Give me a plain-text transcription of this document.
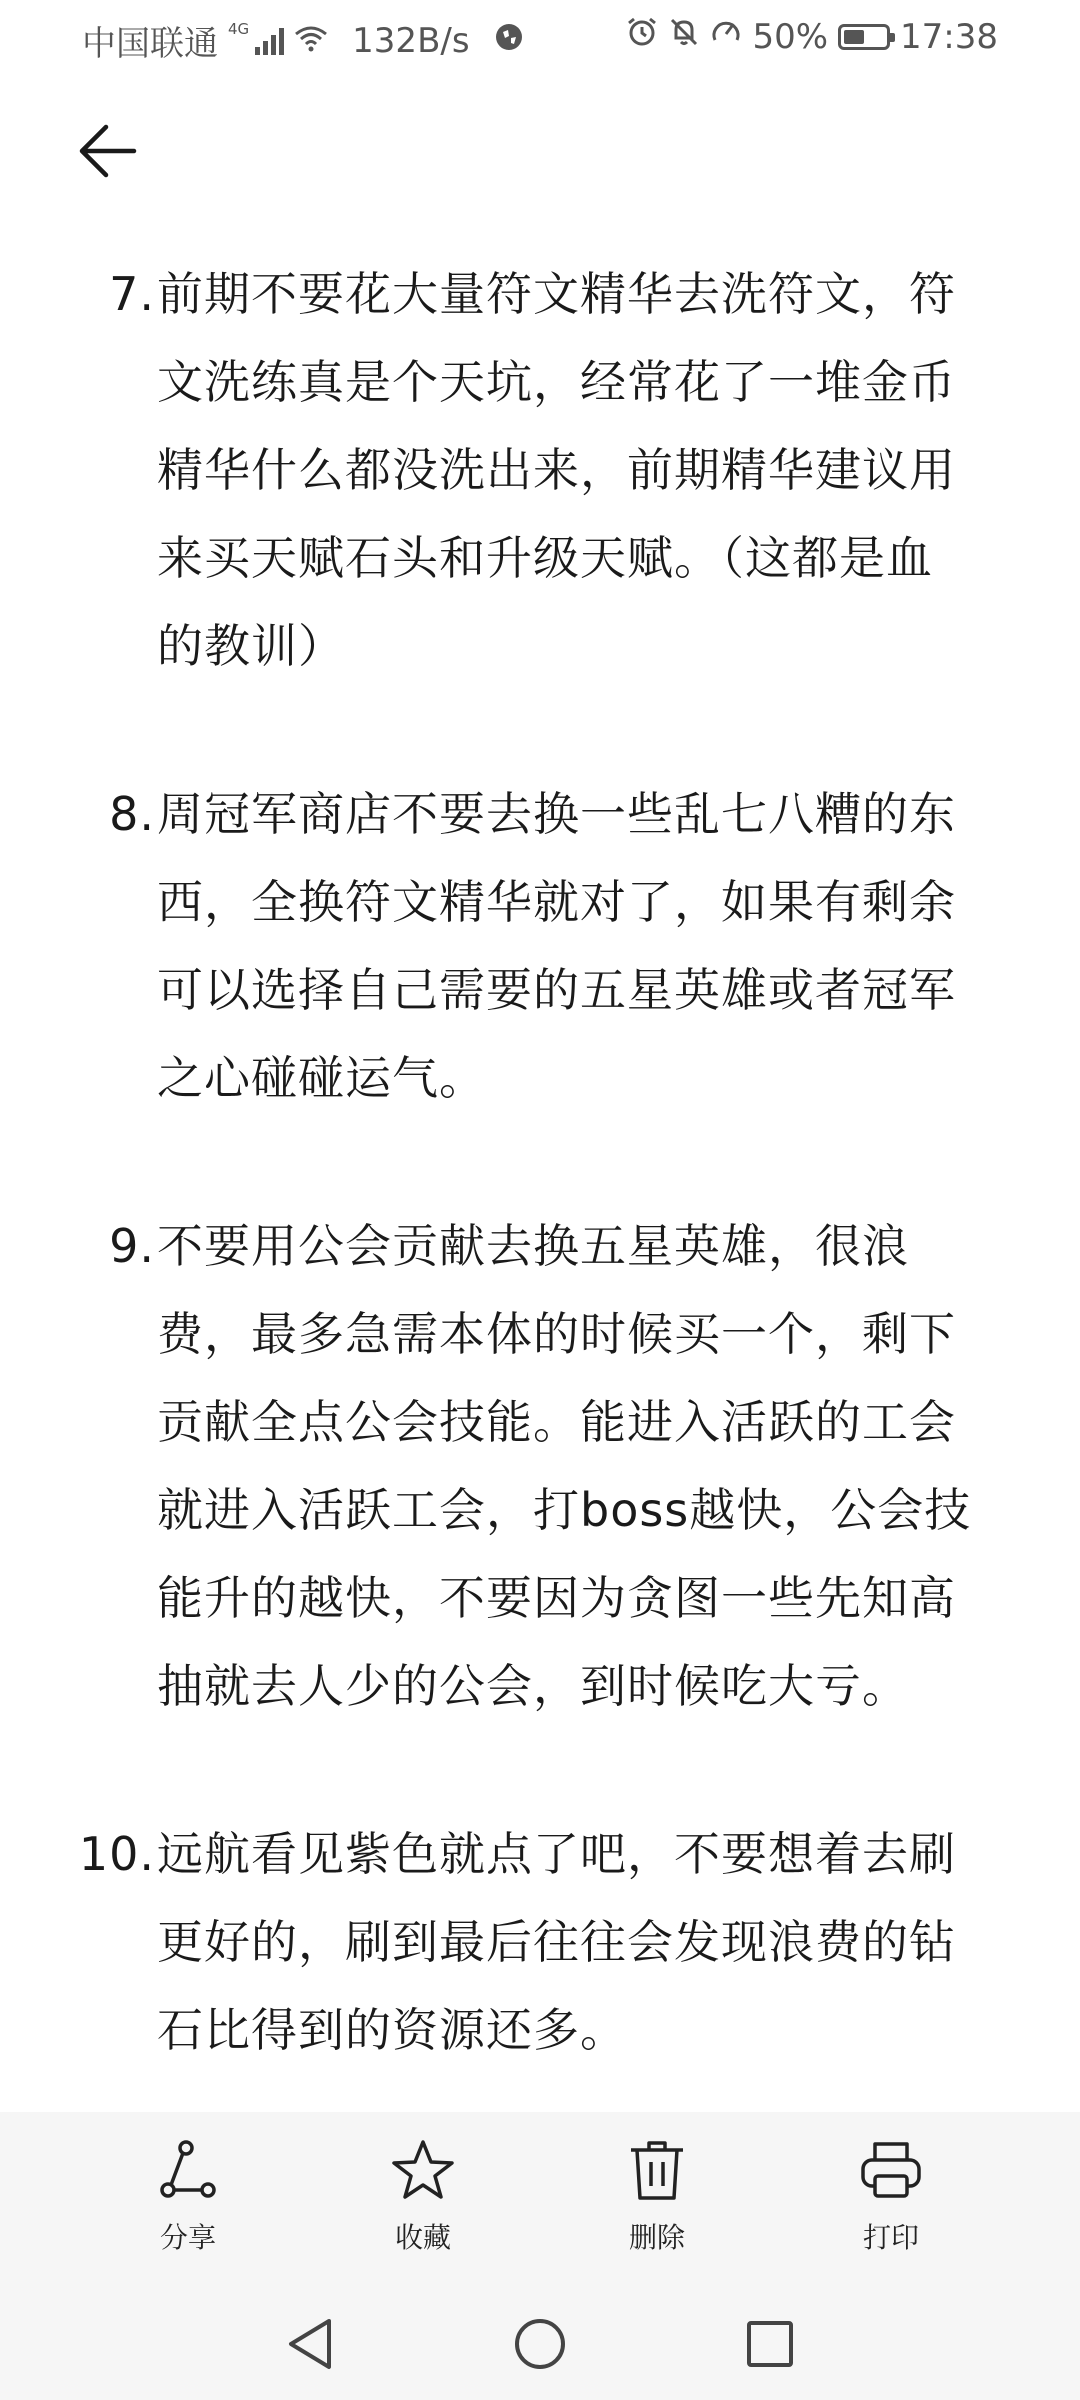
中国联通 4G	132B/s	50% 17:38
7. 前期不要花大量符文精华去洗符文，符文洗练真是个天坑，经常花了一堆金币精华什么都没洗出来，前期精华建议用来买天赋石头和升级天赋。（这都是血的教训）
8. 周冠军商店不要去换一些乱七八糟的东西，全换符文精华就对了，如果有剩余可以选择自己需要的五星英雄或者冠军之心碰碰运气。
9. 不要用公会贡献去换五星英雄，很浪费，最多急需本体的时候买一个，剩下贡献全点公会技能。能进入活跃的工会就进入活跃工会，打boss越快，公会技能升的越快，不要因为贪图一些先知高抽就去人少的公会，到时候吃大亏。
10. 远航看见紫色就点了吧，不要想着去刷更好的，刷到最后往往会发现浪费的钻石比得到的资源还多。
分享	收藏	删除	打印
